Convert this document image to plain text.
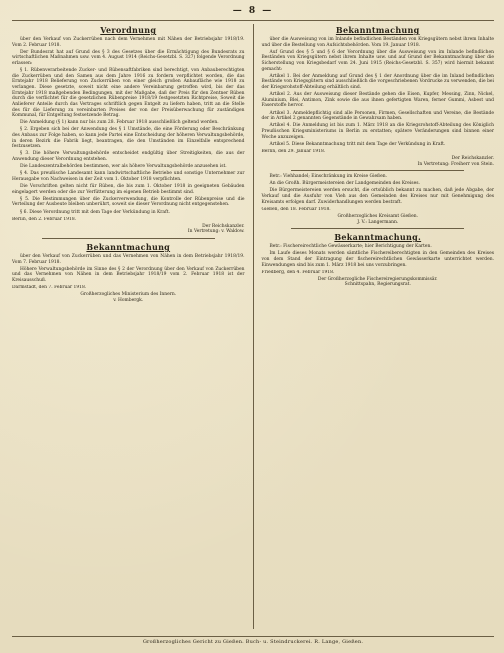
— 8 —
Verordnung

über den Verkauf von Zuckerrüben nach dem Vernehmen mit Nähen der Betriebsjahr 1918/19. Vom 2. Februar 1918.

Der Bundesrat hat auf Grund des § 3 des Gesetzes über die Ermächtigung des Bundesrats zu wirtschaftlichen Maßnahmen usw. vom 4. August 1914 (Reichs-Gesetzbl. S. 327) folgende Verordnung erlassen:

§ 1. Rübenverarbeitende Zucker- und Rübensaftfabriken sind berechtigt, von Anbauberechtigten die Zuckerrüben und den Samen aus dem Jahre 1916 zu fordern verpflichtet worden, die das Erntejahr 1918 Belieferung von Zuckerrüben von einer gleich großen Anbaufläche wie 1918 zu verlangen. Diese gesetzte, soweit nicht eine andere Vereinbarung getroffen wird, bis der das Erntejahr 1918 maßgebenden Bedingungen, mit der Maßgabe, daß der Preis für den Zentner Rüben durch die verflichtet für die gesetzlichen Rübenpreise 1918/19 festgesetzten Richtpreise, Soweit die Anlieferer Anteile durch das Vertrages schriftlich gegen Entgelt zu liefern haben, tritt an die Stelle des für die Lieferung zu vereinbarten Preises der von der Preisüberwachung für zuständigen Kommunal, für Entgeltung festsetzende Betrag.

Die Anmeldung (§ 1) kann nur bis zum 28. Februar 1918 ausschließlich geltend werden.

§ 2. Ergeben sich bei der Anwendung des § 1 Umstände, die eine Förderung oder Beschränkung des Anbaus zur Folge haben, so kann jede Partei eine Entscheidung der höheren Verwaltungsbehörde, in deren Bezirk die Fabrik liegt, beantragen, die den Umständen im Einzelfalle entsprechend festzusetzen.

§ 3. Die höhere Verwaltungsbehörde entscheidet endgültig über Streitigkeiten, die aus der Anwendung dieser Verordnung entstehen.

Die Landeszentralbehörden bestimmen, wer als höhere Verwaltungsbehörde anzusehen ist.

§ 4. Das preußische Landesamt kann landwirtschaftliche Betriebe und sonstige Unternehmer zur Herausgabe von Nachweisen in der Zeit vom 1. Oktober 1918 verpflichten.

Die Vorschriften gelten nicht für Rüben, die bis zum 1. Oktober 1918 in geeigneten Gebäuden eingelagert werden oder die zur Verfütterung im eigenen Betrieb bestimmt sind.

§ 5. Die Bestimmungen über die Zuckerverwendung, die Kontrolle der Rübenpreise und die Verteilung der Ausbeute bleiben unberührt, soweit sie dieser Verordnung nicht entgegenstehen.

§ 6. Diese Verordnung tritt mit dem Tage der Verkündung in Kraft.

Berlin, den 2. Februar 1918.

Der Reichskanzler.

In Vertretung: v. Waldow.

Bekanntmachung

über den Verkauf von Zuckerrüben und das Vernehmen von Nähen in dem Betriebsjahr 1918/19. Vom 7. Februar 1918.

Höhere Verwaltungsbehörde im Sinne des § 2 der Verordnung über den Verkauf von Zuckerrüben und das Vernehmen von Nähen in dem Betriebsjahr 1918/19 vom 2. Februar 1918 ist der Kreisausschuß.

Darmstadt, den 7. Februar 1918.

Großherzogliches Ministerium des Innern.

v. Hombergk.

Bekanntmachung

über die Ausweisung von im Inlande befindlichen Beständen von Kriegsgütern nebst ihrem Inhalte und über die Bestellung von Aufsichtsbehörden. Vom 19. Januar 1918.

Auf Grund des § 5 und § 6 der Verordnung über die Ausweisung von im Inlande befindlichen Beständen von Kriegsgütern nebst ihrem Inhalte usw. und auf Grund der Bekanntmachung über die Sicherstellung von Kriegsbedarf vom 24. Juni 1915 (Reichs-Gesetzbl. S. 357) wird hiermit bekannt gemacht:

Artikel 1. Bei der Anmeldung auf Grund des § 1 der Anordnung über die im Inland befindlichen Bestände von Kriegsgütern sind ausschließlich die vorgeschriebenen Vordrucke zu verwenden, die bei der Kriegsrohstoff-Abteilung erhältlich sind.

Artikel 2. Aus der Ausweisung dieser Bestände gehen die Eisen, Kupfer, Messing, Zinn, Nickel, Aluminium, Blei, Antimon, Zink sowie die aus ihnen gefertigten Waren, ferner Gummi, Asbest und Faserstoffe hervor.

Artikel 3. Anmeldepflichtig sind alle Personen, Firmen, Gesellschaften und Vereine, die Bestände der in Artikel 2 genannten Gegenstände in Gewahrsam haben.

Artikel 4. Die Anmeldung ist bis zum 1. März 1918 an die Kriegsrohstoff-Abteilung des Königlich Preußischen Kriegsministeriums in Berlin zu erstatten; spätere Veränderungen sind binnen einer Woche anzuzeigen.

Artikel 5. Diese Bekanntmachung tritt mit dem Tage der Verkündung in Kraft.

Berlin, den 29. Januar 1918.

Der Reichskanzler.

In Vertretung: Freiherr von Stein.

Betr.: Viehhandel; Einschränkung im Kreise Gießen.

An die Großh. Bürgermeistereien der Landgemeinden des Kreises.

Die Bürgermeistereien werden ersucht, die ortsüblich bekannt zu machen, daß jede Abgabe, der Verkauf und die Ausfuhr von Vieh aus den Gemeinden des Kreises nur mit Genehmigung des Kreisamts erfolgen darf. Zuwiderhandlungen werden bestraft.

Gießen, den 18. Februar 1918.

Großherzogliches Kreisamt Gießen.

J. V.: Langermann.

Bekanntmachung.

Betr.: Fischereirechtliche Gewässerkarte; hier Berichtigung der Karten.

Im Laufe dieses Monats werden sämtliche Fischereiberechtigten in den Gemeinden des Kreises von dem Stand der Eintragung der fischereirechtlichen Gewässerkarte unterrichtet werden. Einwendungen sind bis zum 1. März 1918 bei uns vorzubringen.

Friedberg, den 4. Februar 1918.

Der Großherzogliche Fischereiregierungskommissär.

Schnittspahn, Regierungsrat.

Großherzogliches Gericht zu Gießen. Buch- u. Steindruckerei. R. Lange, Gießen.
